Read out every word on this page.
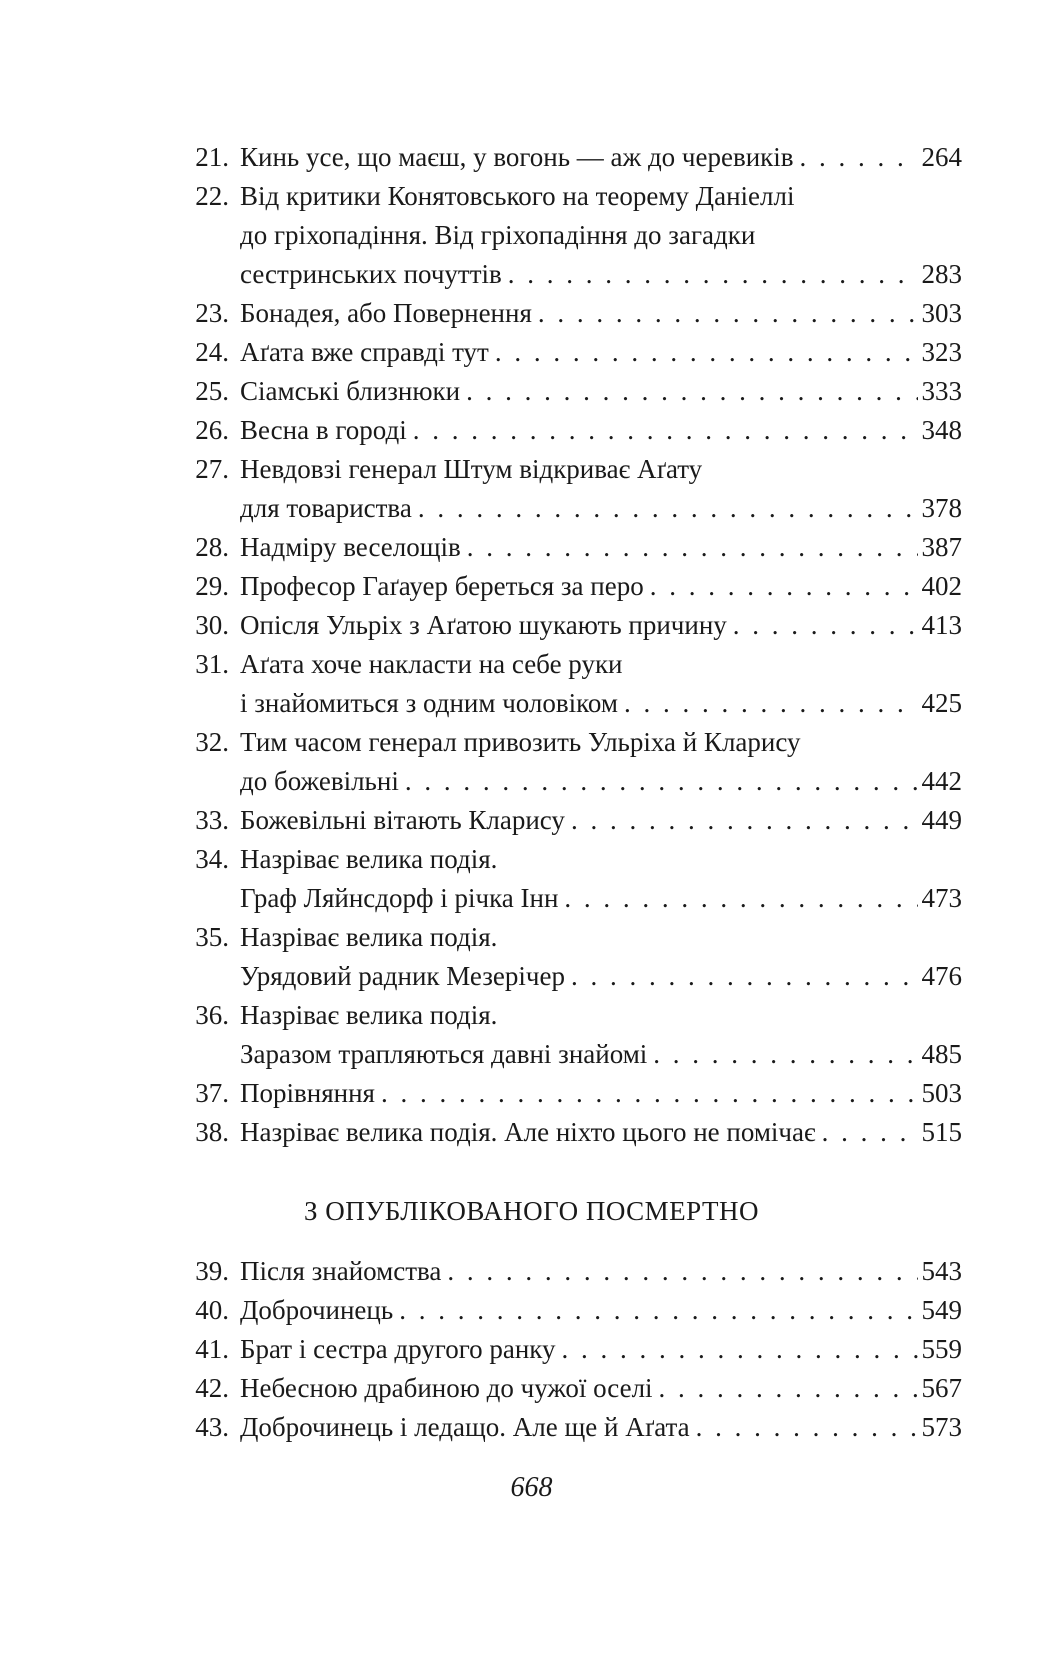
21. Кинь усе, що маєш, у вогонь — аж до черевиків . . .	264
22. Від критики Конятовського на теорему Даніеллі
до гріхопадіння. Від гріхопадіння до загадки
сестринських почуттів . . .	283
23. Бонадея, або Повернення . . .	303
24. Аґата вже справді тут . . .	323
25. Сіамські близнюки . . .	333
26. Весна в городі . . .	348
27. Невдовзі генерал Штум відкриває Аґату
для товариства . . .	378
28. Надміру веселощів . . .	387
29. Професор Гаґауер береться за перо . . .	402
30. Опісля Ульріх з Аґатою шукають причину . . .	413
31. Аґата хоче накласти на себе руки
і знайомиться з одним чоловіком . . .	425
32. Тим часом генерал привозить Ульріха й Кларису
до божевільні . . .	442
33. Божевільні вітають Кларису . . .	449
34. Назріває велика подія.
Граф Ляйнсдорф і річка Інн . . .	473
35. Назріває велика подія.
Урядовий радник Мезерічер . . .	476
36. Назріває велика подія.
Заразом трапляються давні знайомі . . .	485
37. Порівняння . . .	503
38. Назріває велика подія. Але ніхто цього не помічає . . .	515
З ОПУБЛІКОВАНОГО ПОСМЕРТНО
39. Після знайомства . . .	543
40. Доброчинець . . .	549
41. Брат і сестра другого ранку . . .	559
42. Небесною драбиною до чужої оселі . . .	567
43. Доброчинець і ледащо. Але ще й Аґата . . .	573
668
